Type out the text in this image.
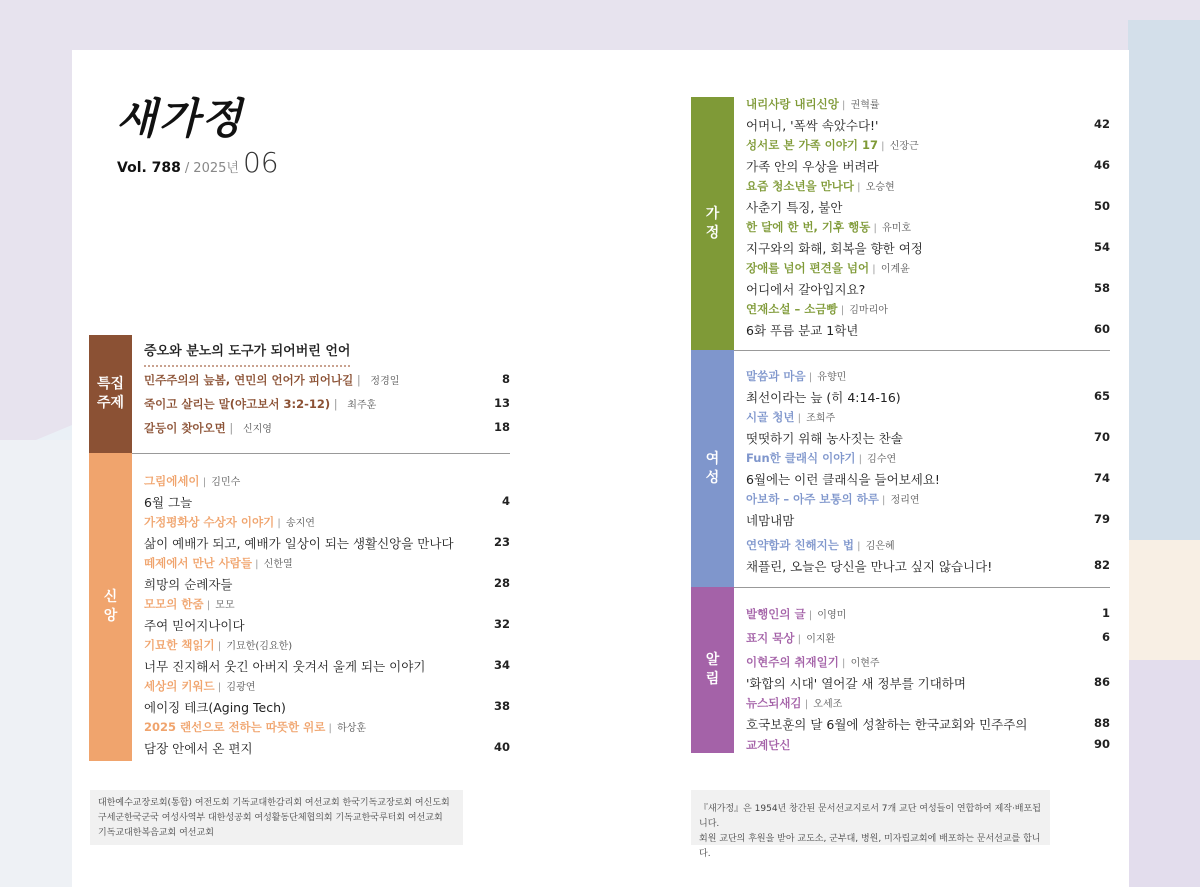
새가정
Vol. 788 / 2025년 06
특집
주제
증오와 분노의 도구가 되어버린 언어
민주주의의 늪봄, 연민의 언어가 피어나길 | 정경일	8
죽이고 살리는 말(야고보서 3:2-12) | 최주훈	13
갈등이 찾아오면 | 신지영	18
신
앙
그림에세이 | 김민수
6월 그늘	4
가정평화상 수상자 이야기 | 송지연
삶이 예배가 되고, 예배가 일상이 되는 생활신앙을 만나다	23
떼제에서 만난 사람들 | 신한열
희망의 순례자들	28
모모의 한줌 | 모모
주여 믿어지나이다	32
기묘한 책읽기 | 기묘한(김요한)
너무 진지해서 웃긴 아버지 웃겨서 울게 되는 이야기	34
세상의 키워드 | 김광연
에이징 테크(Aging Tech)	38
2025 랜선으로 전하는 따뜻한 위로 | 하상훈
담장 안에서 온 편지	40
대한예수교장로회(통합) 여전도회 기독교대한감리회 여선교회 한국기독교장로회 여신도회
구세군한국군국 여성사역부 대한성공회 여성활동단체협의회 기독교한국루터회 여선교회
기독교대한복음교회 여선교회
가
정
내리사랑 내리신앙 | 권혁률
어머니, '폭싹 속았수다!'	42
성서로 본 가족 이야기 17 | 신장근
가족 안의 우상을 버려라	46
요즘 청소년을 만나다 | 오승현
사춘기 특징, 불안	50
한 달에 한 번, 기후 행동 | 유미호
지구와의 화해, 회복을 향한 여정	54
장애를 넘어 편견을 넘어 | 이계윤
어디에서 갈아입지요?	58
연재소설 – 소금빵 | 김마리아
6화 푸름 분교 1학년	60
여
성
말씀과 마음 | 유향민
최선이라는 늪 (히 4:14-16)	65
시골 청년 | 조희주
떳떳하기 위해 농사짓는 찬솔	70
Fun한 클래식 이야기 | 김수연
6월에는 이런 클래식을 들어보세요!	74
아보하 – 아주 보통의 하루 | 정리연
네맘내맘	79
연약함과 친해지는 법 | 김은혜
채플린, 오늘은 당신을 만나고 싶지 않습니다!	82
알
림
발행인의 글 | 이영미	1
표지 묵상 | 이지환	6
이현주의 취재일기 | 이현주
'화합의 시대' 열어갈 새 정부를 기대하며	86
뉴스되새김 | 오세조
호국보훈의 달 6월에 성찰하는 한국교회와 민주주의	88
교계단신	90
『새가정』은 1954년 창간된 문서선교지로서 7개 교단 여성들이 연합하여 제작·배포됩니다.
회원 교단의 후원을 받아 교도소, 군부대, 병원, 미자립교회에 배포하는 문서선교를 합니다.
